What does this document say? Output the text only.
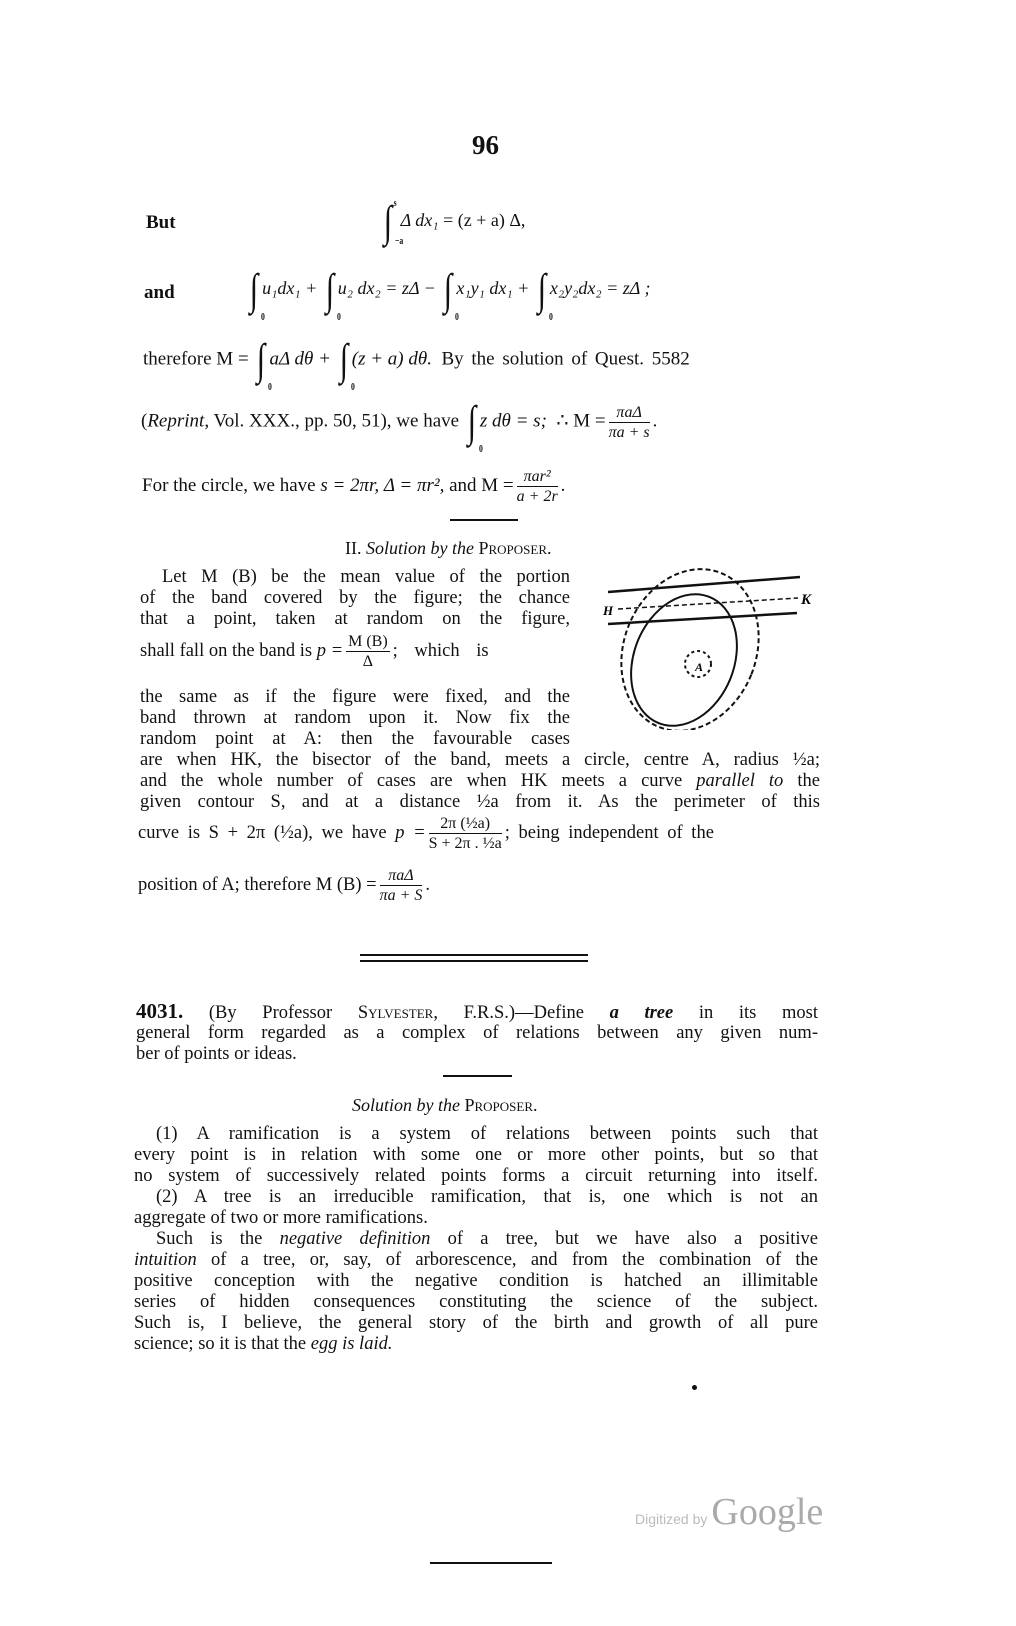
96
But	∫ s
−a
Δ dx₁ = (z + a) Δ,
and ∫
0
u₁dx₁ + ∫
0
u₂ dx₂ = zΔ − ∫
0
x₁y₁ dx₁ + ∫
0
x₂y₂dx₂ = zΔ ;
therefore M = ∫
0
aΔ dθ + ∫
0
(z + a) dθ. By the solution of Quest. 5582
(Reprint, Vol. XXX., pp. 50, 51), we have ∫
0
z dθ = s; ∴ $M = \frac{\text{πaΔ}}{\pi a + s}$ .
For the circle, we have s = 2πr, Δ = πr², and $M = \frac{\text{πar²}}{a + 2r}$ .
II. Solution by the Proposer.
Let M (B) be the mean value of the portion
of the band covered by the figure; the chance
that a point, taken at random on the figure,
shall fall on the band is $p = \frac{M (B)}{\Delta}$ ; which is
the same as if the figure were fixed, and the
band thrown at random upon it. Now fix the
random point at A: then the favourable cases
are when HK, the bisector of the band, meets a circle, centre A, radius ½a;
and the whole number of cases are when HK meets a curve parallel to the
given contour S, and at a distance ½a from it. As the perimeter of this
curve is S + 2π (½a), we have $p = \frac{\text{2π (½a)}}{\text{S + 2π . ½a}}$ ; being independent of the
position of A; therefore M $(B) = \frac{\text{πaΔ}}{\pi a + S}$ .
H
K
A
4031. (By Professor Sylvester, F.R.S.)—Define a tree in its most
general form regarded as a complex of relations between any given num-
ber of points or ideas.
Solution by the Proposer.
(1) A ramification is a system of relations between points such that
every point is in relation with some one or more other points, but so that
no system of successively related points forms a circuit returning into itself.
(2) A tree is an irreducible ramification, that is, one which is not an
aggregate of two or more ramifications.
Such is the negative definition of a tree, but we have also a positive
intuition of a tree, or, say, of arborescence, and from the combination of the
positive conception with the negative condition is hatched an illimitable
series of hidden consequences constituting the science of the subject.
Such is, I believe, the general story of the birth and growth of all pure
science; so it is that the egg is laid.
Digitized by Google
